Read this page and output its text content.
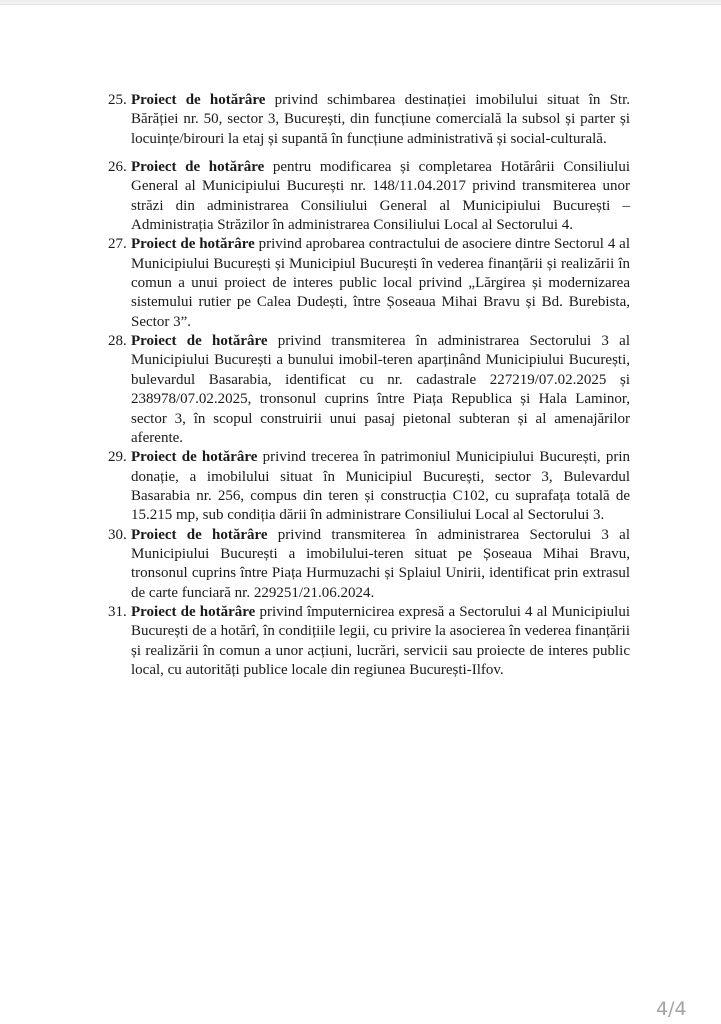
25. Proiect de hotărâre privind schimbarea destinației imobilului situat în Str. Bărăției nr. 50, sector 3, București, din funcțiune comercială la subsol și parter și locuințe/birouri la etaj și supantă în funcțiune administrativă și social-culturală.
26. Proiect de hotărâre pentru modificarea și completarea Hotărârii Consiliului General al Municipiului București nr. 148/11.04.2017 privind transmiterea unor străzi din administrarea Consiliului General al Municipiului București – Administrația Străzilor în administrarea Consiliului Local al Sectorului 4.
27. Proiect de hotărâre privind aprobarea contractului de asociere dintre Sectorul 4 al Municipiului București și Municipiul București în vederea finanțării și realizării în comun a unui proiect de interes public local privind „Lărgirea și modernizarea sistemului rutier pe Calea Dudești, între Șoseaua Mihai Bravu și Bd. Burebista, Sector 3”.
28. Proiect de hotărâre privind transmiterea în administrarea Sectorului 3 al Municipiului București a bunului imobil-teren aparținând Municipiului București, bulevardul Basarabia, identificat cu nr. cadastrale 227219/07.02.2025 și 238978/07.02.2025, tronsonul cuprins între Piața Republica și Hala Laminor, sector 3, în scopul construirii unui pasaj pietonal subteran și al amenajărilor aferente.
29. Proiect de hotărâre privind trecerea în patrimoniul Municipiului București, prin donație, a imobilului situat în Municipiul București, sector 3, Bulevardul Basarabia nr. 256, compus din teren și construcția C102, cu suprafața totală de 15.215 mp, sub condiția dării în administrare Consiliului Local al Sectorului 3.
30. Proiect de hotărâre privind transmiterea în administrarea Sectorului 3 al Municipiului București a imobilului-teren situat pe Șoseaua Mihai Bravu, tronsonul cuprins între Piața Hurmuzachi și Splaiul Unirii, identificat prin extrasul de carte funciară nr. 229251/21.06.2024.
31. Proiect de hotărâre privind împuternicirea expresă a Sectorului 4 al Municipiului București de a hotărî, în condițiile legii, cu privire la asocierea în vederea finanțării și realizării în comun a unor acțiuni, lucrări, servicii sau proiecte de interes public local, cu autorități publice locale din regiunea București-Ilfov.
4/4
